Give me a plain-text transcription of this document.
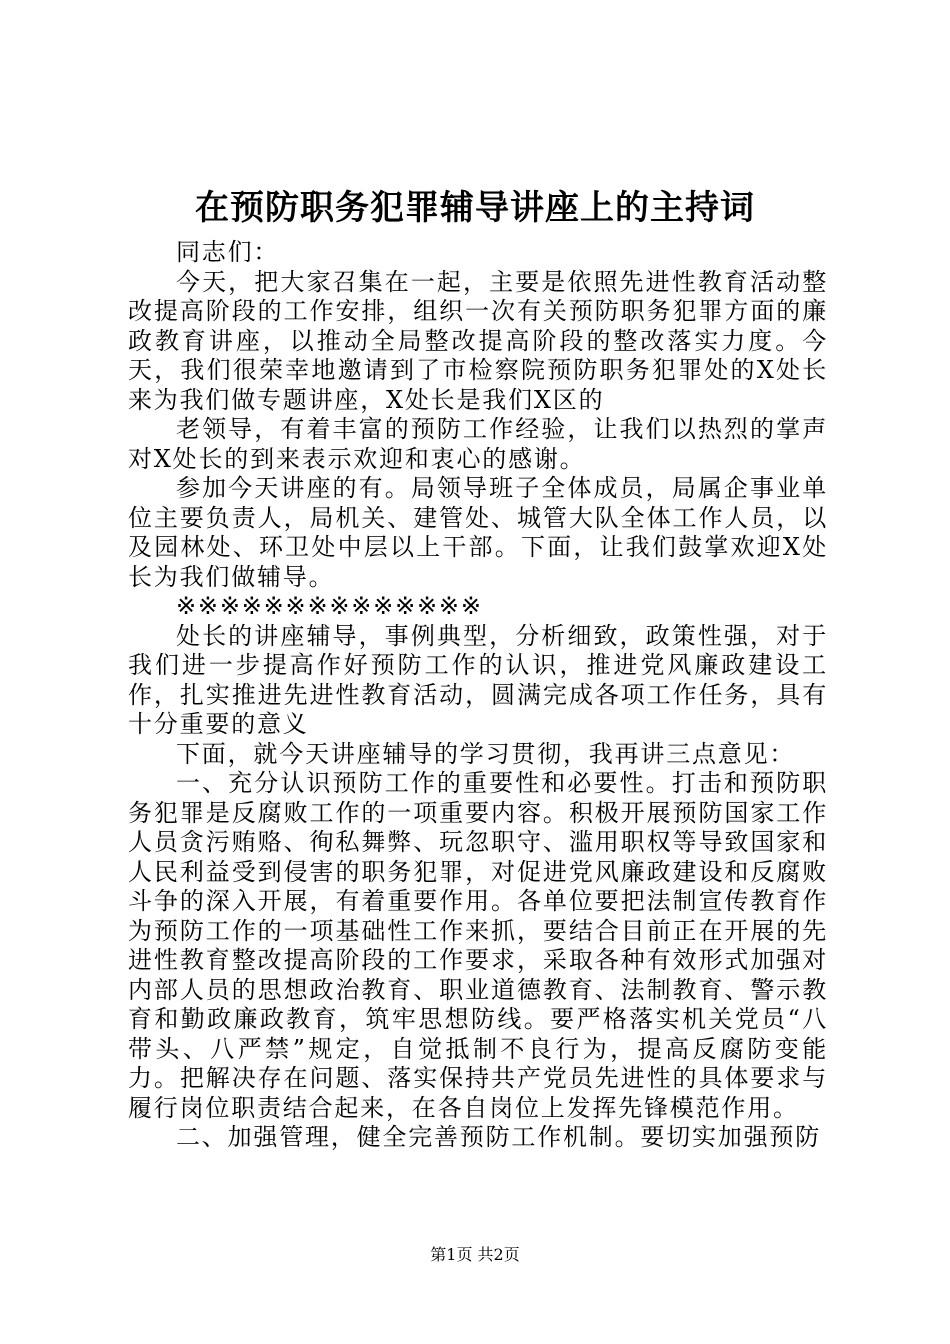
在预防职务犯罪辅导讲座上的主持词

同志们：

今天，把大家召集在一起，主要是依照先进性教育活动整改提高阶段的工作安排，组织一次有关预防职务犯罪方面的廉政教育讲座，以推动全局整改提高阶段的整改落实力度。今天，我们很荣幸地邀请到了市检察院预防职务犯罪处的X处长来为我们做专题讲座，X处长是我们X区的

老领导，有着丰富的预防工作经验，让我们以热烈的掌声对X处长的到来表示欢迎和衷心的感谢。

参加今天讲座的有。局领导班子全体成员，局属企事业单位主要负责人，局机关、建管处、城管大队全体工作人员，以及园林处、环卫处中层以上干部。下面，让我们鼓掌欢迎X处长为我们做辅导。

※※※※※※※※※※※※※※

处长的讲座辅导，事例典型，分析细致，政策性强，对于我们进一步提高作好预防工作的认识，推进党风廉政建设工作，扎实推进先进性教育活动，圆满完成各项工作任务，具有十分重要的意义

下面，就今天讲座辅导的学习贯彻，我再讲三点意见：

一、充分认识预防工作的重要性和必要性。打击和预防职务犯罪是反腐败工作的一项重要内容。积极开展预防国家工作人员贪污贿赂、徇私舞弊、玩忽职守、滥用职权等导致国家和人民利益受到侵害的职务犯罪，对促进党风廉政建设和反腐败斗争的深入开展，有着重要作用。各单位要把法制宣传教育作为预防工作的一项基础性工作来抓，要结合目前正在开展的先进性教育整改提高阶段的工作要求，采取各种有效形式加强对内部人员的思想政治教育、职业道德教育、法制教育、警示教育和勤政廉政教育，筑牢思想防线。要严格落实机关党员“八带头、八严禁”规定，自觉抵制不良行为，提高反腐防变能力。把解决存在问题、落实保持共产党员先进性的具体要求与履行岗位职责结合起来，在各自岗位上发挥先锋模范作用。

二、加强管理，健全完善预防工作机制。要切实加强预防

第1页 共2页
